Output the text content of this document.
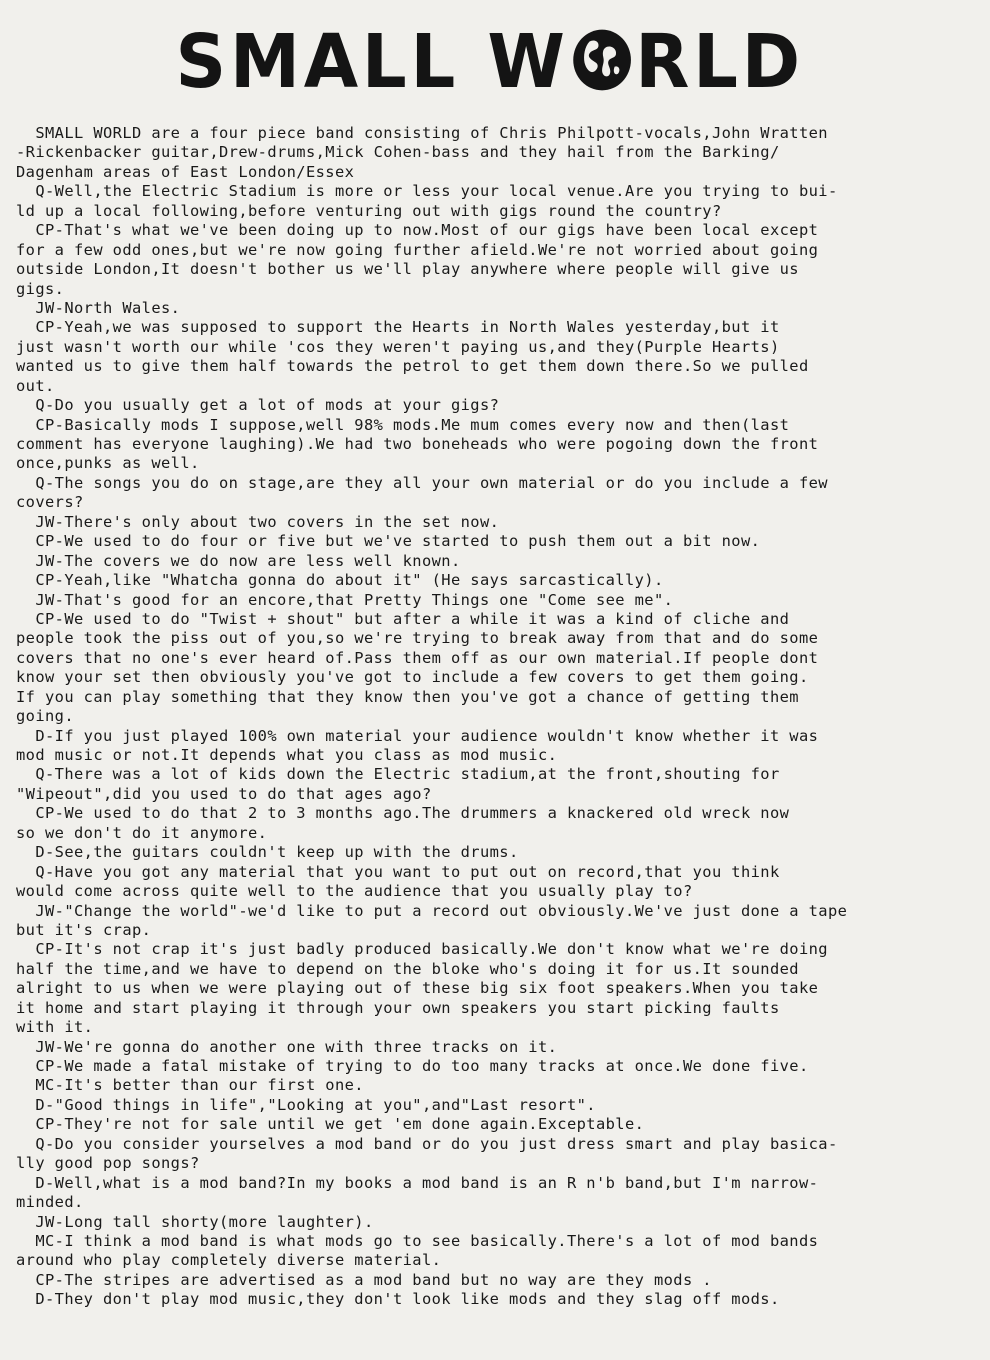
SMALL W RLD
SMALL WORLD are a four piece band consisting of Chris Philpott-vocals,John Wratten
-Rickenbacker guitar,Drew-drums,Mick Cohen-bass and they hail from the Barking/
Dagenham areas of East London/Essex
Q-Well,the Electric Stadium is more or less your local venue.Are you trying to bui-
ld up a local following,before venturing out with gigs round the country?
CP-That's what we've been doing up to now.Most of our gigs have been local except
for a few odd ones,but we're now going further afield.We're not worried about going
outside London,It doesn't bother us we'll play anywhere where people will give us
gigs.
JW-North Wales.
CP-Yeah,we was supposed to support the Hearts in North Wales yesterday,but it
just wasn't worth our while 'cos they weren't paying us,and they(Purple Hearts)
wanted us to give them half towards the petrol to get them down there.So we pulled
out.
Q-Do you usually get a lot of mods at your gigs?
CP-Basically mods I suppose,well 98% mods.Me mum comes every now and then(last
comment has everyone laughing).We had two boneheads who were pogoing down the front
once,punks as well.
Q-The songs you do on stage,are they all your own material or do you include a few
covers?
JW-There's only about two covers in the set now.
CP-We used to do four or five but we've started to push them out a bit now.
JW-The covers we do now are less well known.
CP-Yeah,like "Whatcha gonna do about it" (He says sarcastically).
JW-That's good for an encore,that Pretty Things one "Come see me".
CP-We used to do "Twist + shout" but after a while it was a kind of cliche and
people took the piss out of you,so we're trying to break away from that and do some
covers that no one's ever heard of.Pass them off as our own material.If people dont
know your set then obviously you've got to include a few covers to get them going.
If you can play something that they know then you've got a chance of getting them
going.
D-If you just played 100% own material your audience wouldn't know whether it was
mod music or not.It depends what you class as mod music.
Q-There was a lot of kids down the Electric stadium,at the front,shouting for
"Wipeout",did you used to do that ages ago?
CP-We used to do that 2 to 3 months ago.The drummers a knackered old wreck now
so we don't do it anymore.
D-See,the guitars couldn't keep up with the drums.
Q-Have you got any material that you want to put out on record,that you think
would come across quite well to the audience that you usually play to?
JW-"Change the world"-we'd like to put a record out obviously.We've just done a tape
but it's crap.
CP-It's not crap it's just badly produced basically.We don't know what we're doing
half the time,and we have to depend on the bloke who's doing it for us.It sounded
alright to us when we were playing out of these big six foot speakers.When you take
it home and start playing it through your own speakers you start picking faults
with it.
JW-We're gonna do another one with three tracks on it.
CP-We made a fatal mistake of trying to do too many tracks at once.We done five.
MC-It's better than our first one.
D-"Good things in life","Looking at you",and"Last resort".
CP-They're not for sale until we get 'em done again.Exceptable.
Q-Do you consider yourselves a mod band or do you just dress smart and play basica-
lly good pop songs?
D-Well,what is a mod band?In my books a mod band is an R n'b band,but I'm narrow-
minded.
JW-Long tall shorty(more laughter).
MC-I think a mod band is what mods go to see basically.There's a lot of mod bands
around who play completely diverse material.
CP-The stripes are advertised as a mod band but no way are they mods .
D-They don't play mod music,they don't look like mods and they slag off mods.
